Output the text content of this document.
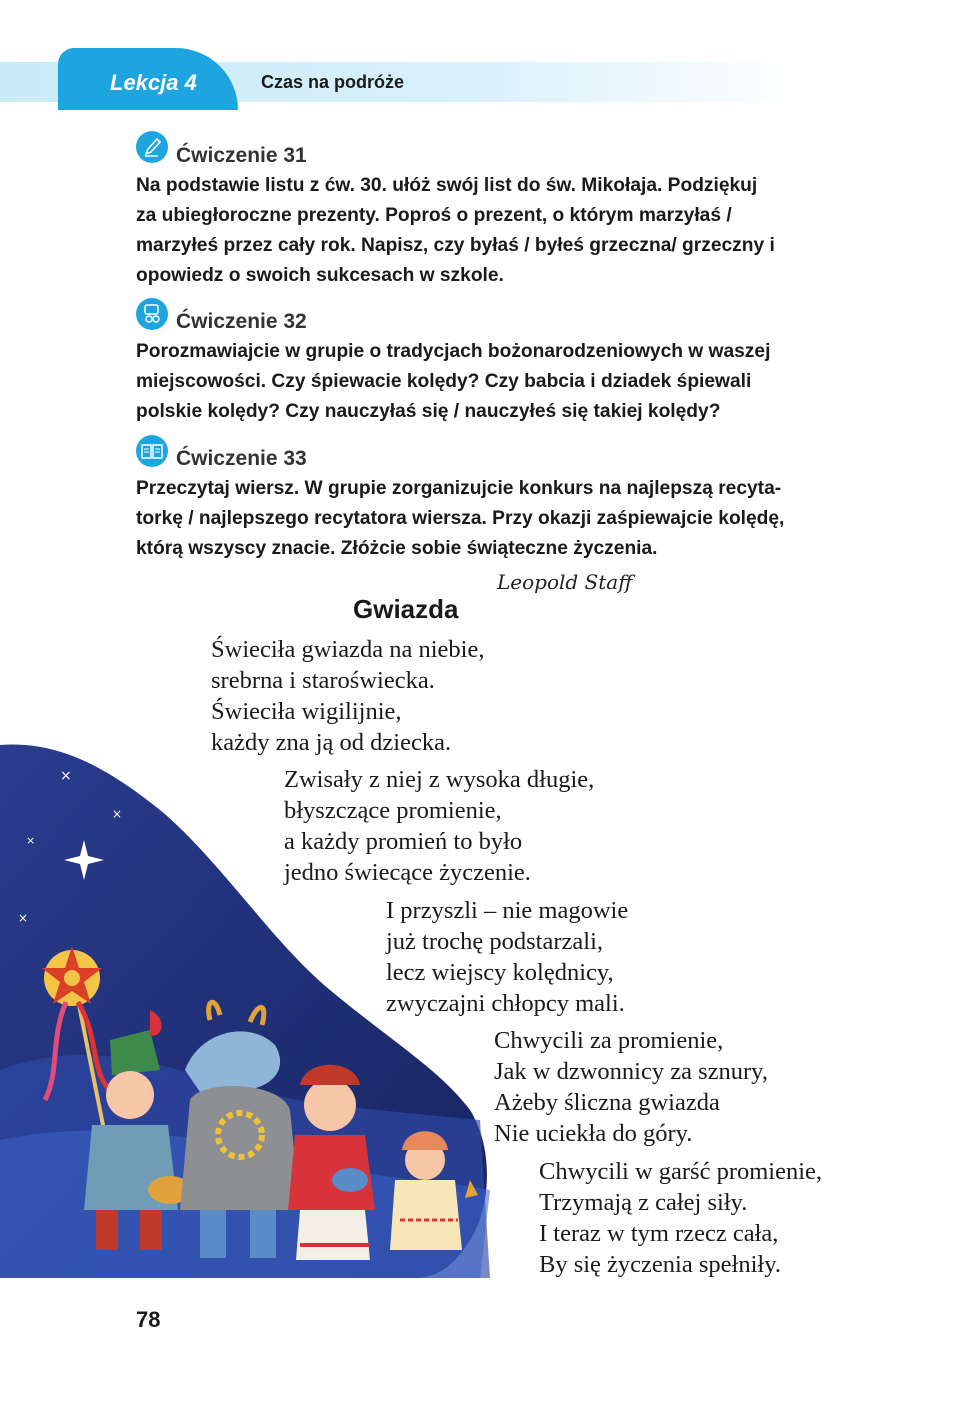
Lekcja 4	Czas na podróże
Ćwiczenie 31
Na podstawie listu z ćw. 30. ułóż swój list do św. Mikołaja. Podziękuj
za ubiegłoroczne prezenty. Poproś o prezent, o którym marzyłaś /
marzyłeś przez cały rok. Napisz, czy byłaś / byłeś grzeczna/ grzeczny i
opowiedz o swoich sukcesach w szkole.
Ćwiczenie 32
Porozmawiajcie w grupie o tradycjach bożonarodzeniowych w waszej
miejscowości. Czy śpiewacie kolędy? Czy babcia i dziadek śpiewali
polskie kolędy? Czy nauczyłaś się / nauczyłeś się takiej kolędy?
Ćwiczenie 33
Przeczytaj wiersz. W grupie zorganizujcie konkurs na najlepszą recyta-
torkę / najlepszego recytatora wiersza. Przy okazji zaśpiewajcie kolędę,
którą wszyscy znacie. Złóżcie sobie świąteczne życzenia.
×
×
×
×
Leopold Staff
Gwiazda
Świeciła gwiazda na niebie,
srebrna i staroświecka.
Świeciła wigilijnie,
każdy zna ją od dziecka.
Zwisały z niej z wysoka długie,
błyszczące promienie,
a każdy promień to było
jedno świecące życzenie.
I przyszli – nie magowie
już trochę podstarzali,
lecz wiejscy kolędnicy,
zwyczajni chłopcy mali.
Chwycili za promienie,
Jak w dzwonnicy za sznury,
Ażeby śliczna gwiazda
Nie uciekła do góry.
Chwycili w garść promienie,
Trzymają z całej siły.
I teraz w tym rzecz cała,
By się życzenia spełniły.
78
